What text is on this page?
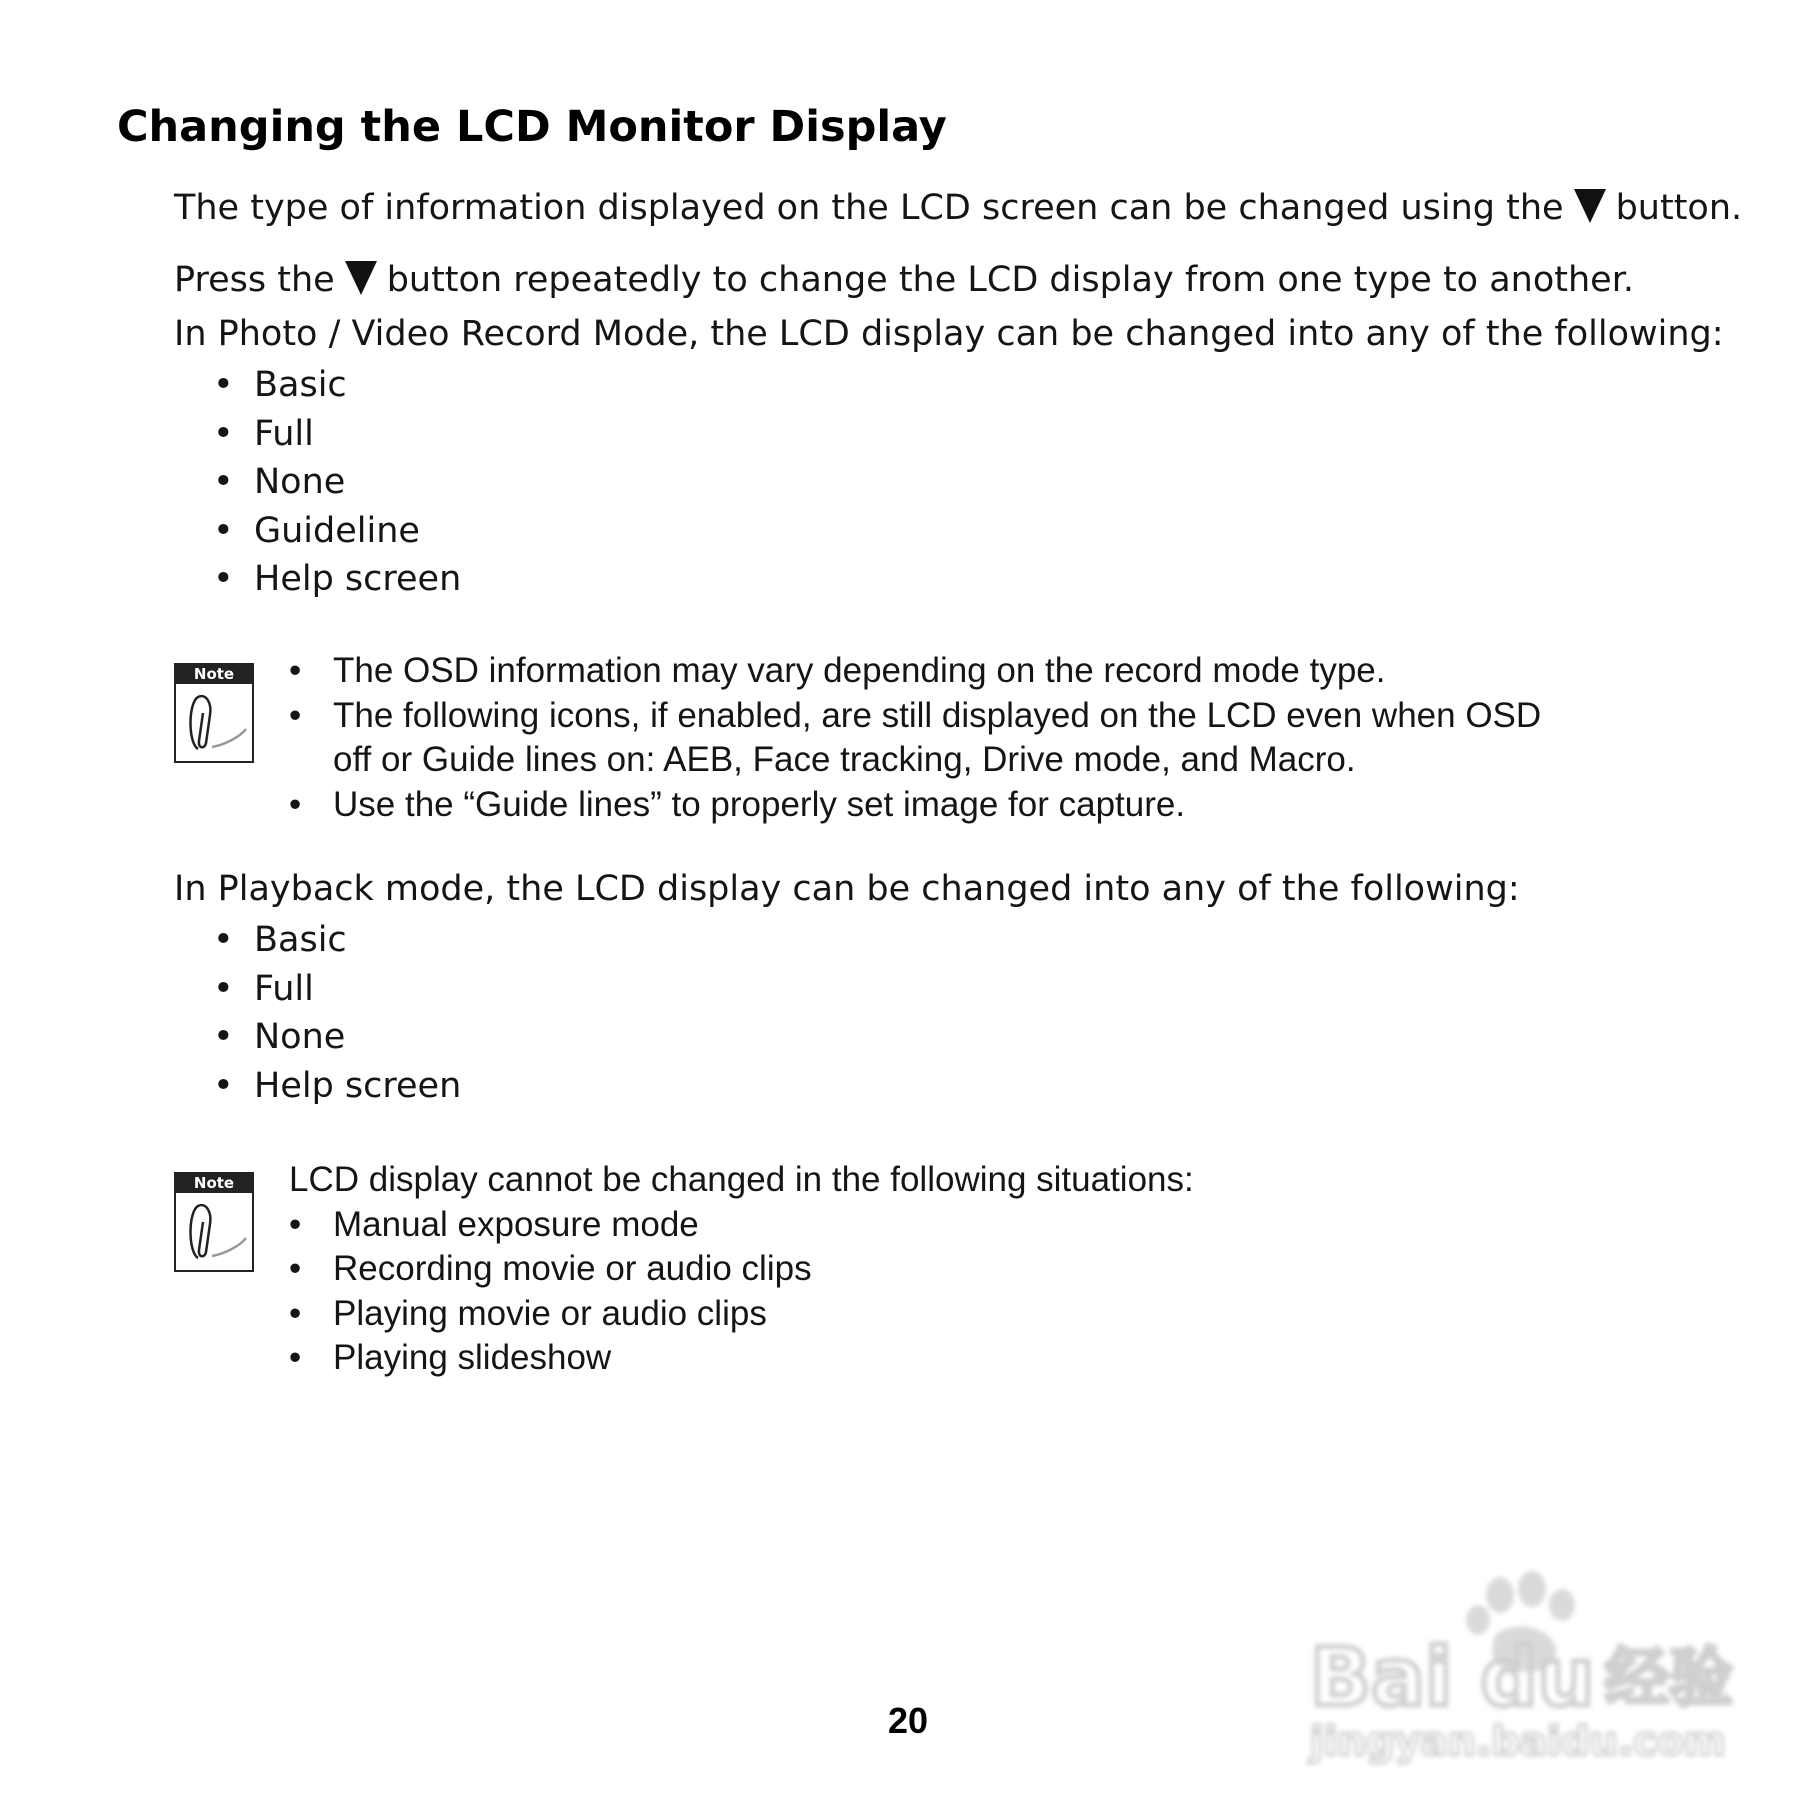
Changing the LCD Monitor Display
The type of information displayed on the LCD screen can be changed using the button.
Press the button repeatedly to change the LCD display from one type to another.
In Photo / Video Record Mode, the LCD display can be changed into any of the following:
• Basic
• Full
• None
• Guideline
• Help screen
Note • The OSD information may vary depending on the record mode type.
• The following icons, if enabled, are still displayed on the LCD even when OSD
off or Guide lines on: AEB, Face tracking, Drive mode, and Macro.
• Use the “Guide lines” to properly set image for capture.
In Playback mode, the LCD display can be changed into any of the following:
• Basic
• Full
• None
• Help screen
Note LCD display cannot be changed in the following situations:
• Manual exposure mode
• Recording movie or audio clips
• Playing movie or audio clips
• Playing slideshow
20	Bai du 经验
jingyan.baidu.com
